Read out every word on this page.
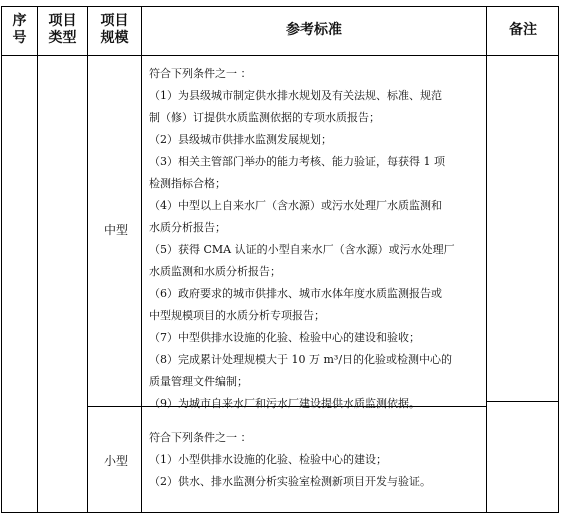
序
号
项目
类型
项目
规模	参考标准	备注
中型
符合下列条件之一 ：
（1）为县级城市制定供水排水规划及有关法规、标准、规范
制（修）订提供水质监测依据的专项水质报告；
（2）县级城市供排水监测发展规划；
（3）相关主管部门举办的能力考核、能力验证，每获得 1 项
检测指标合格；
（4）中型以上自来水厂（含水源）或污水处理厂水质监测和
水质分析报告；
（5）获得 CMA 认证的小型自来水厂（含水源）或污水处理厂
水质监测和水质分析报告；
（6）政府要求的城市供排水、城市水体年度水质监测报告或
中型规模项目的水质分析专项报告；
（7）中型供排水设施的化验、检验中心的建设和验收；
（8）完成累计处理规模大于 10 万 m³/日的化验或检测中心的
质量管理文件编制；
（9）为城市自来水厂和污水厂建设提供水质监测依据。
小型
符合下列条件之一 ：
（1）小型供排水设施的化验、检验中心的建设；
（2）供水、排水监测分析实验室检测新项目开发与验证。
